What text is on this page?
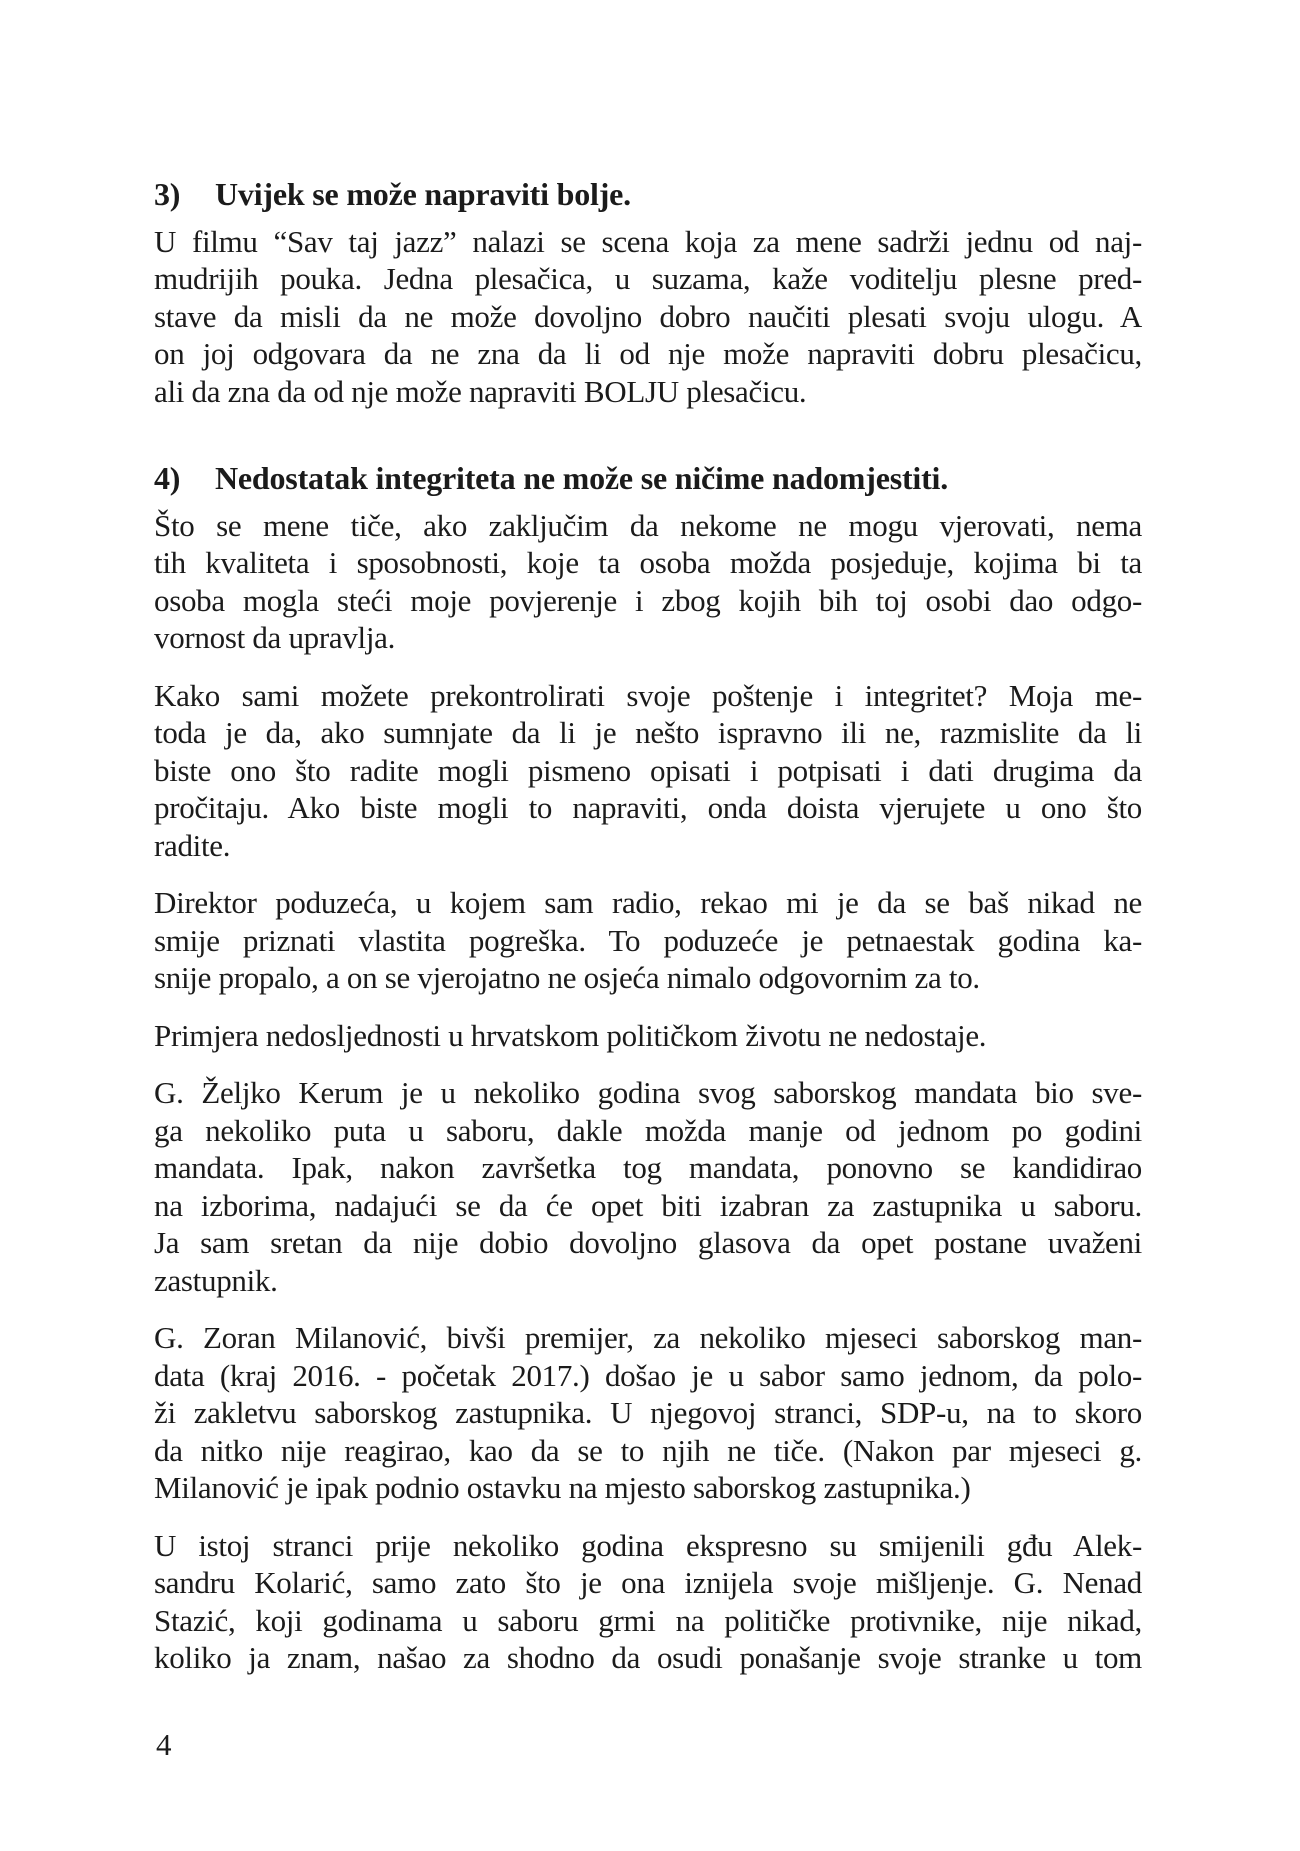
3) Uvijek se može napraviti bolje.
U filmu “Sav taj jazz” nalazi se scena koja za mene sadrži jednu od naj-
mudrijih pouka. Jedna plesačica, u suzama, kaže voditelju plesne pred-
stave da misli da ne može dovoljno dobro naučiti plesati svoju ulogu. A
on joj odgovara da ne zna da li od nje može napraviti dobru plesačicu,
ali da zna da od nje može napraviti BOLJU plesačicu.
4) Nedostatak integriteta ne može se ničime nadomjestiti.
Što se mene tiče, ako zaključim da nekome ne mogu vjerovati, nema
tih kvaliteta i sposobnosti, koje ta osoba možda posjeduje, kojima bi ta
osoba mogla steći moje povjerenje i zbog kojih bih toj osobi dao odgo-
vornost da upravlja.
Kako sami možete prekontrolirati svoje poštenje i integritet? Moja me-
toda je da, ako sumnjate da li je nešto ispravno ili ne, razmislite da li
biste ono što radite mogli pismeno opisati i potpisati i dati drugima da
pročitaju. Ako biste mogli to napraviti, onda doista vjerujete u ono što
radite.
Direktor poduzeća, u kojem sam radio, rekao mi je da se baš nikad ne
smije priznati vlastita pogreška. To poduzeće je petnaestak godina ka-
snije propalo, a on se vjerojatno ne osjeća nimalo odgovornim za to.
Primjera nedosljednosti u hrvatskom političkom životu ne nedostaje.
G. Željko Kerum je u nekoliko godina svog saborskog mandata bio sve-
ga nekoliko puta u saboru, dakle možda manje od jednom po godini
mandata. Ipak, nakon završetka tog mandata, ponovno se kandidirao
na izborima, nadajući se da će opet biti izabran za zastupnika u saboru.
Ja sam sretan da nije dobio dovoljno glasova da opet postane uvaženi
zastupnik.
G. Zoran Milanović, bivši premijer, za nekoliko mjeseci saborskog man-
data (kraj 2016. - početak 2017.) došao je u sabor samo jednom, da polo-
ži zakletvu saborskog zastupnika. U njegovoj stranci, SDP-u, na to skoro
da nitko nije reagirao, kao da se to njih ne tiče. (Nakon par mjeseci g.
Milanović je ipak podnio ostavku na mjesto saborskog zastupnika.)
U istoj stranci prije nekoliko godina ekspresno su smijenili gđu Alek-
sandru Kolarić, samo zato što je ona iznijela svoje mišljenje. G. Nenad
Stazić, koji godinama u saboru grmi na političke protivnike, nije nikad,
koliko ja znam, našao za shodno da osudi ponašanje svoje stranke u tom
4
